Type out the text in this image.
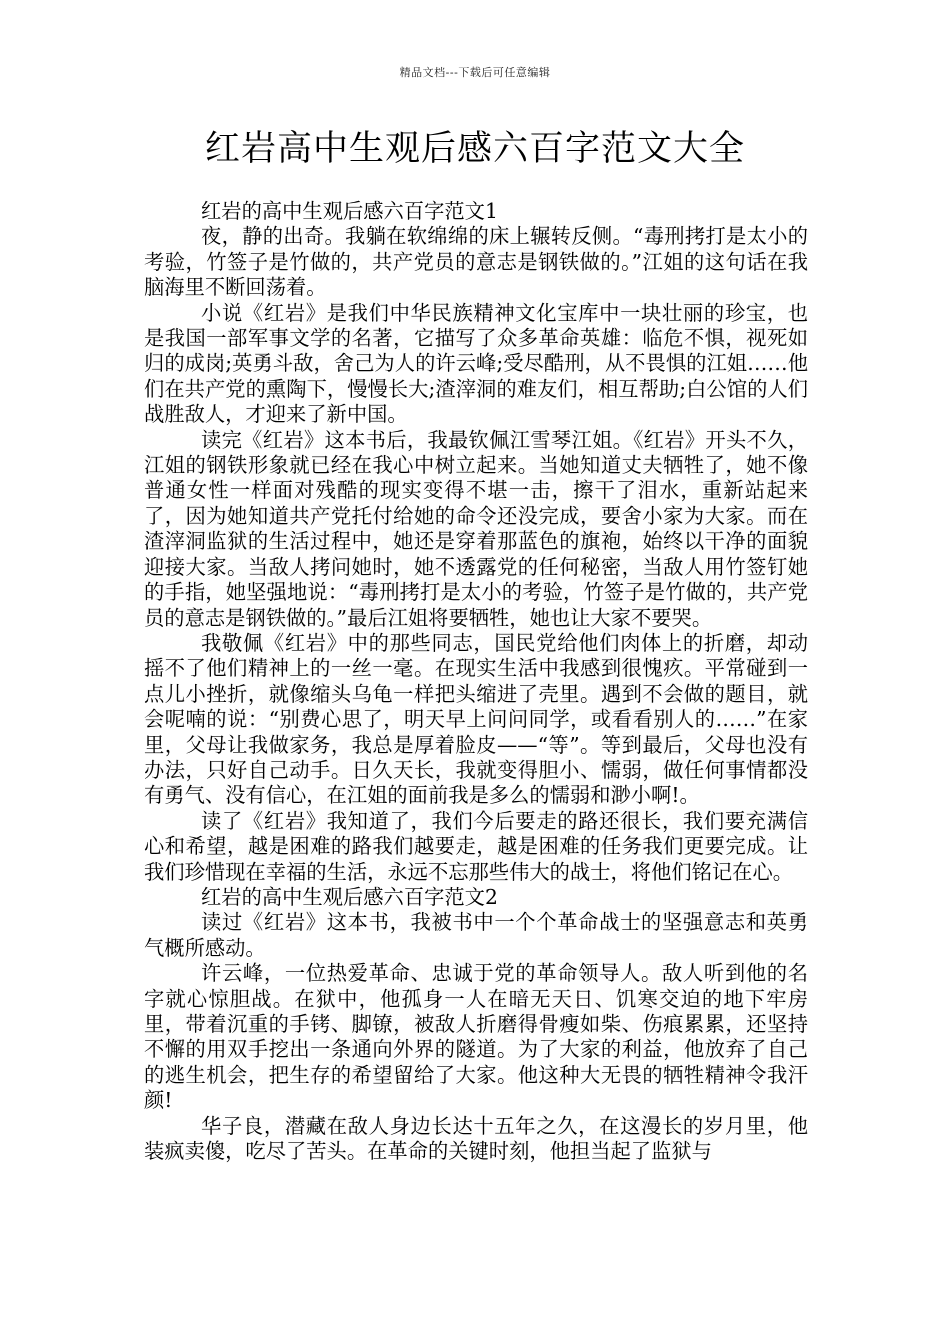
精品文档---下载后可任意编辑
红岩高中生观后感六百字范文大全

红岩的高中生观后感六百字范文1

夜，静的出奇。我躺在软绵绵的床上辗转反侧。“毒刑拷打是太小的考验，竹签子是竹做的，共产党员的意志是钢铁做的。”江姐的这句话在我脑海里不断回荡着。

小说《红岩》是我们中华民族精神文化宝库中一块壮丽的珍宝，也是我国一部军事文学的名著，它描写了众多革命英雄：临危不惧，视死如归的成岗;英勇斗敌，舍己为人的许云峰;受尽酷刑，从不畏惧的江姐……他们在共产党的熏陶下，慢慢长大;渣滓洞的难友们，相互帮助;白公馆的人们战胜敌人，才迎来了新中国。

读完《红岩》这本书后，我最钦佩江雪琴江姐。《红岩》开头不久，江姐的钢铁形象就已经在我心中树立起来。当她知道丈夫牺牲了，她不像普通女性一样面对残酷的现实变得不堪一击，擦干了泪水，重新站起来了，因为她知道共产党托付给她的命令还没完成，要舍小家为大家。而在渣滓洞监狱的生活过程中，她还是穿着那蓝色的旗袍，始终以干净的面貌迎接大家。当敌人拷问她时，她不透露党的任何秘密，当敌人用竹签钉她的手指，她坚强地说：“毒刑拷打是太小的考验，竹签子是竹做的，共产党员的意志是钢铁做的。”最后江姐将要牺牲，她也让大家不要哭。

我敬佩《红岩》中的那些同志，国民党给他们肉体上的折磨，却动摇不了他们精神上的一丝一毫。在现实生活中我感到很愧疚。平常碰到一点儿小挫折，就像缩头乌龟一样把头缩进了壳里。遇到不会做的题目，就会呢喃的说：“别费心思了，明天早上问问同学，或看看别人的……”在家里，父母让我做家务，我总是厚着脸皮——“等”。等到最后，父母也没有办法，只好自己动手。日久天长，我就变得胆小、懦弱，做任何事情都没有勇气、没有信心，在江姐的面前我是多么的懦弱和渺小啊!。

读了《红岩》我知道了，我们今后要走的路还很长，我们要充满信心和希望，越是困难的路我们越要走，越是困难的任务我们更要完成。让我们珍惜现在幸福的生活，永远不忘那些伟大的战士，将他们铭记在心。

红岩的高中生观后感六百字范文2

读过《红岩》这本书，我被书中一个个革命战士的坚强意志和英勇气概所感动。

许云峰，一位热爱革命、忠诚于党的革命领导人。敌人听到他的名字就心惊胆战。在狱中，他孤身一人在暗无天日、饥寒交迫的地下牢房里，带着沉重的手铐、脚镣，被敌人折磨得骨瘦如柴、伤痕累累，还坚持不懈的用双手挖出一条通向外界的隧道。为了大家的利益，他放弃了自己的逃生机会，把生存的希望留给了大家。他这种大无畏的牺牲精神令我汗颜!

华子良，潜藏在敌人身边长达十五年之久，在这漫长的岁月里，他装疯卖傻，吃尽了苦头。在革命的关键时刻，他担当起了监狱与
